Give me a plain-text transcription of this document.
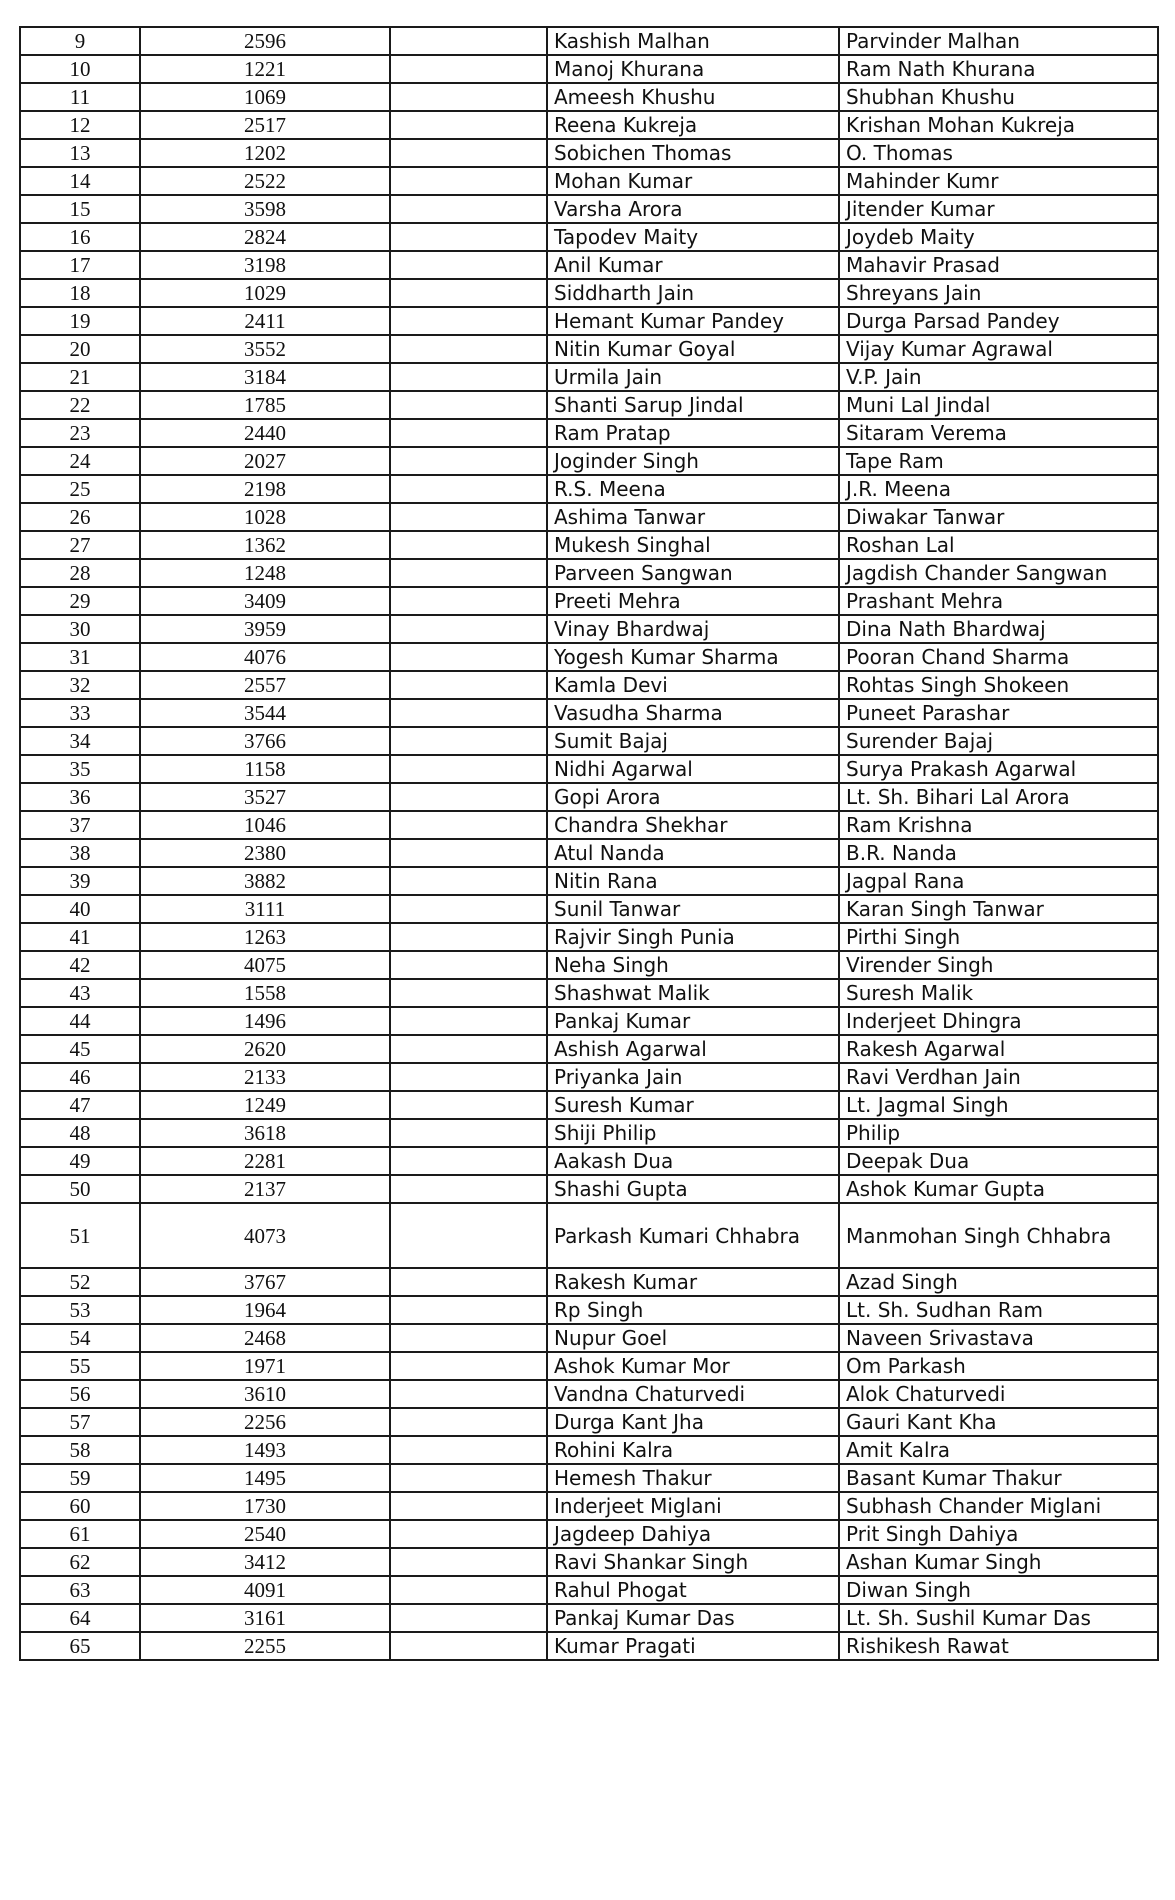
9	2596		Kashish Malhan	Parvinder Malhan
10	1221		Manoj Khurana	Ram Nath Khurana
11	1069		Ameesh Khushu	Shubhan Khushu
12	2517		Reena Kukreja	Krishan Mohan Kukreja
13	1202		Sobichen Thomas	O. Thomas
14	2522		Mohan Kumar	Mahinder Kumr
15	3598		Varsha Arora	Jitender Kumar
16	2824		Tapodev Maity	Joydeb Maity
17	3198		Anil Kumar	Mahavir Prasad
18	1029		Siddharth Jain	Shreyans Jain
19	2411		Hemant Kumar Pandey	Durga Parsad Pandey
20	3552		Nitin Kumar Goyal	Vijay Kumar Agrawal
21	3184		Urmila Jain	V.P. Jain
22	1785		Shanti Sarup Jindal	Muni Lal Jindal
23	2440		Ram Pratap	Sitaram Verema
24	2027		Joginder Singh	Tape Ram
25	2198		R.S. Meena	J.R. Meena
26	1028		Ashima Tanwar	Diwakar Tanwar
27	1362		Mukesh Singhal	Roshan Lal
28	1248		Parveen Sangwan	Jagdish Chander Sangwan
29	3409		Preeti Mehra	Prashant Mehra
30	3959		Vinay Bhardwaj	Dina Nath Bhardwaj
31	4076		Yogesh Kumar Sharma	Pooran Chand Sharma
32	2557		Kamla Devi	Rohtas Singh Shokeen
33	3544		Vasudha Sharma	Puneet Parashar
34	3766		Sumit Bajaj	Surender Bajaj
35	1158		Nidhi Agarwal	Surya Prakash Agarwal
36	3527		Gopi Arora	Lt. Sh. Bihari Lal Arora
37	1046		Chandra Shekhar	Ram Krishna
38	2380		Atul Nanda	B.R. Nanda
39	3882		Nitin Rana	Jagpal Rana
40	3111		Sunil Tanwar	Karan Singh Tanwar
41	1263		Rajvir Singh Punia	Pirthi Singh
42	4075		Neha Singh	Virender Singh
43	1558		Shashwat Malik	Suresh Malik
44	1496		Pankaj Kumar	Inderjeet Dhingra
45	2620		Ashish Agarwal	Rakesh Agarwal
46	2133		Priyanka Jain	Ravi Verdhan Jain
47	1249		Suresh Kumar	Lt. Jagmal Singh
48	3618		Shiji Philip	Philip
49	2281		Aakash Dua	Deepak Dua
50	2137		Shashi Gupta	Ashok Kumar Gupta
51	4073		Parkash Kumari Chhabra	Manmohan Singh Chhabra
52	3767		Rakesh Kumar	Azad Singh
53	1964		Rp Singh	Lt. Sh. Sudhan Ram
54	2468		Nupur Goel	Naveen Srivastava
55	1971		Ashok Kumar Mor	Om Parkash
56	3610		Vandna Chaturvedi	Alok Chaturvedi
57	2256		Durga Kant Jha	Gauri Kant Kha
58	1493		Rohini Kalra	Amit Kalra
59	1495		Hemesh Thakur	Basant Kumar Thakur
60	1730		Inderjeet Miglani	Subhash Chander Miglani
61	2540		Jagdeep Dahiya	Prit Singh Dahiya
62	3412		Ravi Shankar Singh	Ashan Kumar Singh
63	4091		Rahul Phogat	Diwan Singh
64	3161		Pankaj Kumar Das	Lt. Sh. Sushil Kumar Das
65	2255		Kumar Pragati	Rishikesh Rawat
